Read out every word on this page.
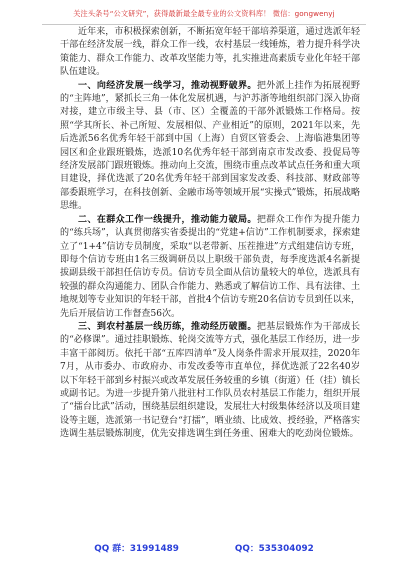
关注头条号“公文研究”，获得最新最全最专业的公文资料库！ 微信：gongwenyj

近年来，市积极探索创新，不断拓宽年轻干部培养渠道，通过选派年轻干部在经济发展一线，群众工作一线，农村基层一线锤炼，着力提升科学决策能力、群众工作能力、改革攻坚能力等，扎实推进高素质专业化年轻干部队伍建设。

一、向经济发展一线学习，推动视野破界。把外派上挂作为拓展视野的“主阵地”，紧抓长三角一体化发展机遇，与沪苏浙等地组织部门深入协商对接，建立市级主导、县（市、区）全覆盖的干部外派锻炼工作格局。按照“学其所长、补己所短、发展相似、产业相近”的原则，2021年以来，先后选派56名优秀年轻干部到中国（上海）自贸区管委会、上海临港集团等园区和企业跟班锻炼，选派10名优秀年轻干部到南京市发改委、投促局等经济发展部门跟班锻炼。推动向上交流，围绕市重点改革试点任务和重大项目建设，择优选派了20名优秀年轻干部到国家发改委、科技部、财政部等部委跟班学习，在科技创新、金融市场等领域开展“实操式”锻炼，拓展战略思维。

二、在群众工作一线提升，推动能力破局。把群众工作作为提升能力的“练兵场”，认真贯彻落实省委提出的“党建+信访”工作机制要求，探索建立了“1+4”信访专员制度，采取“以老带新、压茬推进”方式组建信访专班，即每个信访专班由1名三级调研员以上职级干部负责，每季度选派4名新提拔副县级干部担任信访专员。信访专员全面从信访量较大的单位，选派具有较强的群众沟通能力、团队合作能力、熟悉或了解信访工作、具有法律、土地规划等专业知识的年轻干部，首批4个信访专班20名信访专员到任以来，先后开展信访工作督查56次。

三、到农村基层一线历练，推动经历破圈。把基层锻炼作为干部成长的“必修课”。通过挂职锻炼、轮岗交流等方式，强化基层工作经历，进一步丰富干部阅历。依托干部“五库四清单”及人岗条件需求开展双挂，2020年7月，从市委办、市政府办、市发改委等市直单位，择优选派了22名40岁以下年轻干部到乡村振兴或改革发展任务较重的乡镇（街道）任（挂）镇长或副书记。为进一步提升第八批驻村工作队员农村基层工作能力，组织开展了“擂台比武”活动，围绕基层组织建设，发展壮大村级集体经济以及项目建设等主题，选派第一书记登台“打擂”，晒业绩、比成效、授经验，严格落实选调生基层锻炼制度，优先安排选调生到任务重、困难大的吃劲岗位锻炼。

QQ 群：31991489	QQ：535304092
